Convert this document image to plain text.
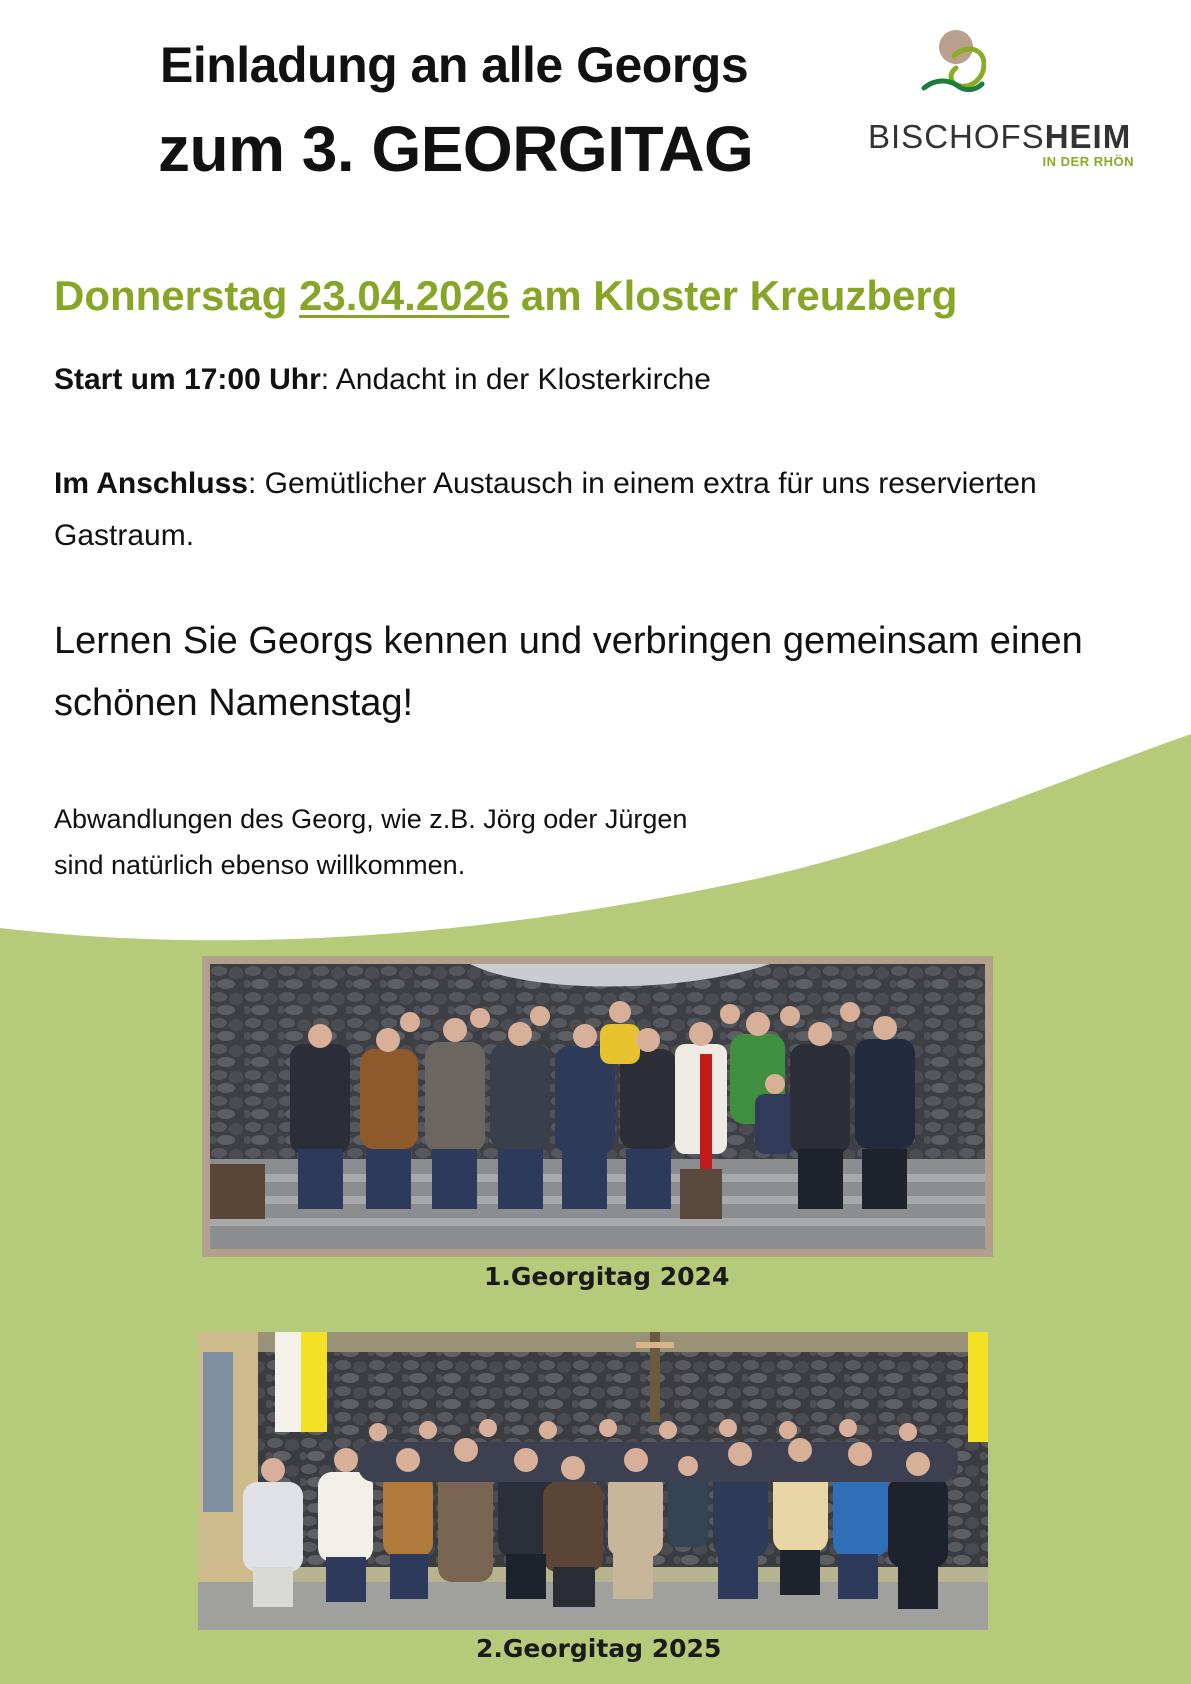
Einladung an alle Georgs
zum 3. GEORGITAG	BISCHOFSHEIM
IN DER RHÖN
Donnerstag 23.04.2026 am Kloster Kreuzberg
Start um 17:00 Uhr: Andacht in der Klosterkirche
Im Anschluss: Gemütlicher Austausch in einem extra für uns reservierten Gastraum.
Lernen Sie Georgs kennen und verbringen gemeinsam einen schönen Namenstag!
Abwandlungen des Georg, wie z.B. Jörg oder Jürgen sind natürlich ebenso willkommen.
1.Georgitag 2024
2.Georgitag 2025
